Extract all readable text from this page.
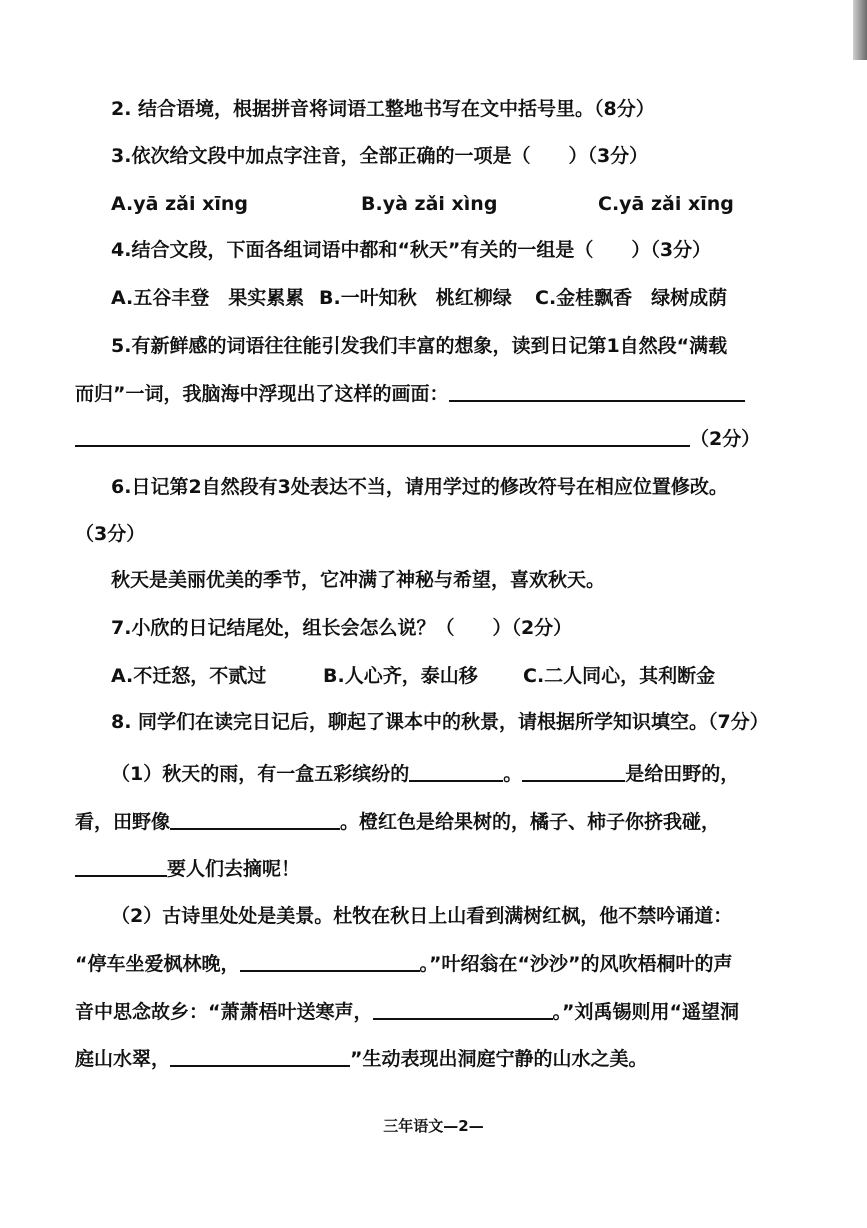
2. 结合语境，根据拼音将词语工整地书写在文中括号里。（8分）
3.依次给文段中加点字注音，全部正确的一项是（　　）（3分）
A.yā zǎi xīng	B.yà zǎi xìng	C.yā zǎi xīng
4.结合文段，下面各组词语中都和“秋天”有关的一组是（　　）（3分）
A.五谷丰登　果实累累 B.一叶知秋　桃红柳绿 C.金桂飘香　绿树成荫
5.有新鲜感的词语往往能引发我们丰富的想象，读到日记第1自然段“满载
而归”一词，我脑海中浮现出了这样的画面：
（2分）
6.日记第2自然段有3处表达不当，请用学过的修改符号在相应位置修改。
（3分）
秋天是美丽优美的季节，它冲满了神秘与希望，喜欢秋天。
7.小欣的日记结尾处，组长会怎么说？（　　）（2分）
A.不迁怒，不贰过	B.人心齐，泰山移 C.二人同心，其利断金
8. 同学们在读完日记后，聊起了课本中的秋景，请根据所学知识填空。（7分）
（1）秋天的雨，有一盒五彩缤纷的	。	是给田野的，
看，田野像	。橙红色是给果树的，橘子、柿子你挤我碰，
要人们去摘呢！
（2）古诗里处处是美景。杜牧在秋日上山看到满树红枫，他不禁吟诵道：
“停车坐爱枫林晚，	。”叶绍翁在“沙沙”的风吹梧桐叶的声
音中思念故乡：“萧萧梧叶送寒声，	。”刘禹锡则用“遥望洞
庭山水翠，	”生动表现出洞庭宁静的山水之美。
三年语文—2—
